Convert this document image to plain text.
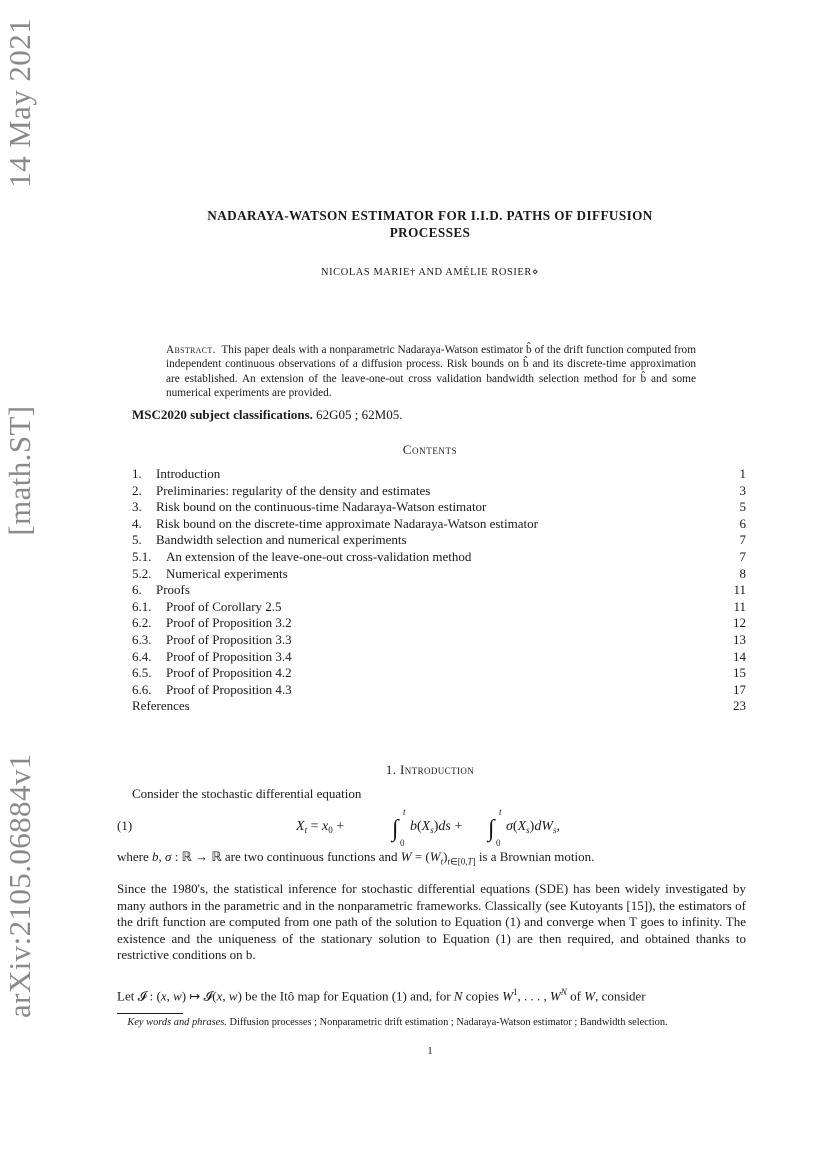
arXiv:2105.06884v1
[math.ST]
14 May 2021
NADARAYA-WATSON ESTIMATOR FOR I.I.D. PATHS OF DIFFUSION
PROCESSES
NICOLAS MARIE† AND AMÉLIE ROSIER⋄
Abstract. This paper deals with a nonparametric Nadaraya-Watson estimator b̂ of the drift function computed from independent continuous observations of a diffusion process. Risk bounds on b̂ and its discrete-time approximation are established. An extension of the leave-one-out cross validation bandwidth selection method for b̂ and some numerical experiments are provided.
MSC2020 subject classifications. 62G05 ; 62M05.
Contents
1.	Introduction	1
2.	Preliminaries: regularity of the density and estimates	3
3.	Risk bound on the continuous-time Nadaraya-Watson estimator	5
4.	Risk bound on the discrete-time approximate Nadaraya-Watson estimator	6
5.	Bandwidth selection and numerical experiments	7
5.1.	An extension of the leave-one-out cross-validation method	7
5.2.	Numerical experiments	8
6.	Proofs	11
6.1.	Proof of Corollary 2.5	11
6.2.	Proof of Proposition 3.2	12
6.3.	Proof of Proposition 3.3	13
6.4.	Proof of Proposition 3.4	14
6.5.	Proof of Proposition 4.2	15
6.6.	Proof of Proposition 4.3	17
References	23
1. Introduction
Consider the stochastic differential equation
(1)	$X_t = x_0$ + ∫
t
0
$b(X_s)ds$ + ∫
t
0
$\sigma(X_s)dW_s$,
where b, σ : ℝ → ℝ are two continuous functions and $W = (W_t)_{t\in[0,T]}$ is a Brownian motion.
Since the 1980's, the statistical inference for stochastic differential equations (SDE) has been widely investigated by many authors in the parametric and in the nonparametric frameworks. Classically (see Kutoyants [15]), the estimators of the drift function are computed from one path of the solution to Equation (1) and converge when T goes to infinity. The existence and the uniqueness of the stationary solution to Equation (1) are then required, and obtained thanks to restrictive conditions on b.
Let 𝓘 : (x, w) ↦ 𝓘(x, w) be the Itô map for Equation (1) and, for N copies $W^1$, . . . , $W^N$ of W, consider
Key words and phrases. Diffusion processes ; Nonparametric drift estimation ; Nadaraya-Watson estimator ; Bandwidth selection.
1
